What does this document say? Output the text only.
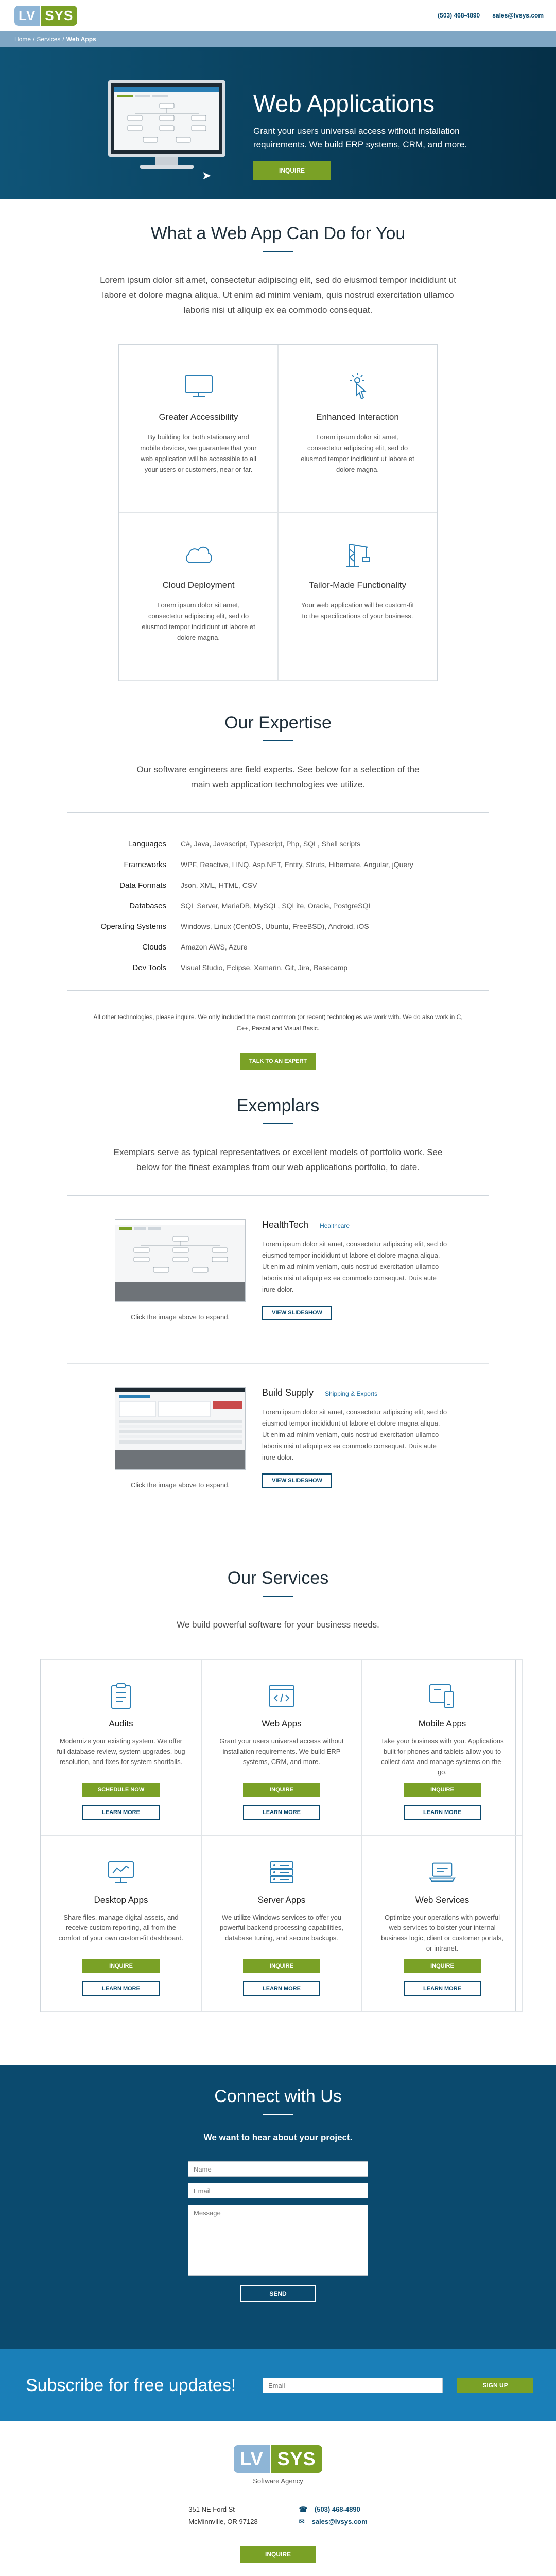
LV SYS	(503) 468-4890 sales@lvsys.com
Home / Services / Web Apps
➤
Web Applications

Grant your users universal access without installation requirements. We build ERP systems, CRM, and more.

INQUIRE
What a Web App Can Do for You

Lorem ipsum dolor sit amet, consectetur adipiscing elit, sed do eiusmod tempor incididunt ut labore et dolore magna aliqua. Ut enim ad minim veniam, quis nostrud exercitation ullamco laboris nisi ut aliquip ex ea commodo consequat.

Greater Accessibility
By building for both stationary and mobile devices, we guarantee that your web application will be accessible to all your users or customers, near or far.
Enhanced Interaction
Lorem ipsum dolor sit amet, consectetur adipiscing elit, sed do eiusmod tempor incididunt ut labore et dolore magna.
Cloud Deployment
Lorem ipsum dolor sit amet, consectetur adipiscing elit, sed do eiusmod tempor incididunt ut labore et dolore magna.
Tailor-Made Functionality
Your web application will be custom-fit to the specifications of your business.
Our Expertise

Our software engineers are field experts. See below for a selection of the main web application technologies we utilize.

Languages	C#, Java, Javascript, Typescript, Php, SQL, Shell scripts
Frameworks	WPF, Reactive, LINQ, Asp.NET, Entity, Struts, Hibernate, Angular, jQuery
Data Formats	Json, XML, HTML, CSV
Databases	SQL Server, MariaDB, MySQL, SQLite, Oracle, PostgreSQL
Operating Systems	Windows, Linux (CentOS, Ubuntu, FreeBSD), Android, iOS
Clouds	Amazon AWS, Azure
Dev Tools	Visual Studio, Eclipse, Xamarin, Git, Jira, Basecamp

All other technologies, please inquire. We only included the most common (or recent) technologies we work with. We do also work in C, C++, Pascal and Visual Basic.

TALK TO AN EXPERT
Exemplars

Exemplars serve as typical representatives or excellent models of portfolio work. See below for the finest examples from our web applications portfolio, to date.

Click the image above to expand.
HealthTech Healthcare

Lorem ipsum dolor sit amet, consectetur adipiscing elit, sed do eiusmod tempor incididunt ut labore et dolore magna aliqua. Ut enim ad minim veniam, quis nostrud exercitation ullamco laboris nisi ut aliquip ex ea commodo consequat. Duis aute irure dolor.

VIEW SLIDESHOW
Click the image above to expand.
Build Supply Shipping & Exports

Lorem ipsum dolor sit amet, consectetur adipiscing elit, sed do eiusmod tempor incididunt ut labore et dolore magna aliqua. Ut enim ad minim veniam, quis nostrud exercitation ullamco laboris nisi ut aliquip ex ea commodo consequat. Duis aute irure dolor.

VIEW SLIDESHOW
Our Services

We build powerful software for your business needs.

Audits
Modernize your existing system. We offer full database review, system upgrades, bug resolution, and fixes for system shortfalls.
SCHEDULE NOW
LEARN MORE
Web Apps
Grant your users universal access without installation requirements. We build ERP systems, CRM, and more.
INQUIRE
LEARN MORE
Mobile Apps
Take your business with you. Applications built for phones and tablets allow you to collect data and manage systems on-the-go.
INQUIRE
LEARN MORE
Desktop Apps
Share files, manage digital assets, and receive custom reporting, all from the comfort of your own custom-fit dashboard.
INQUIRE
LEARN MORE
Server Apps
We utilize Windows services to offer you powerful backend processing capabilities, database tuning, and secure backups.
INQUIRE
LEARN MORE
Web Services
Optimize your operations with powerful web services to bolster your internal business logic, client or customer portals, or intranet.
INQUIRE
LEARN MORE
Connect with Us

We want to hear about your project.

Name
Email
Message
SEND
Subscribe for free updates!
Email	SIGN UP
LV SYS
Software Agency
351 NE Ford St
McMinnville, OR 97128
☎ (503) 468-4890
✉ sales@lvsys.com
INQUIRE
